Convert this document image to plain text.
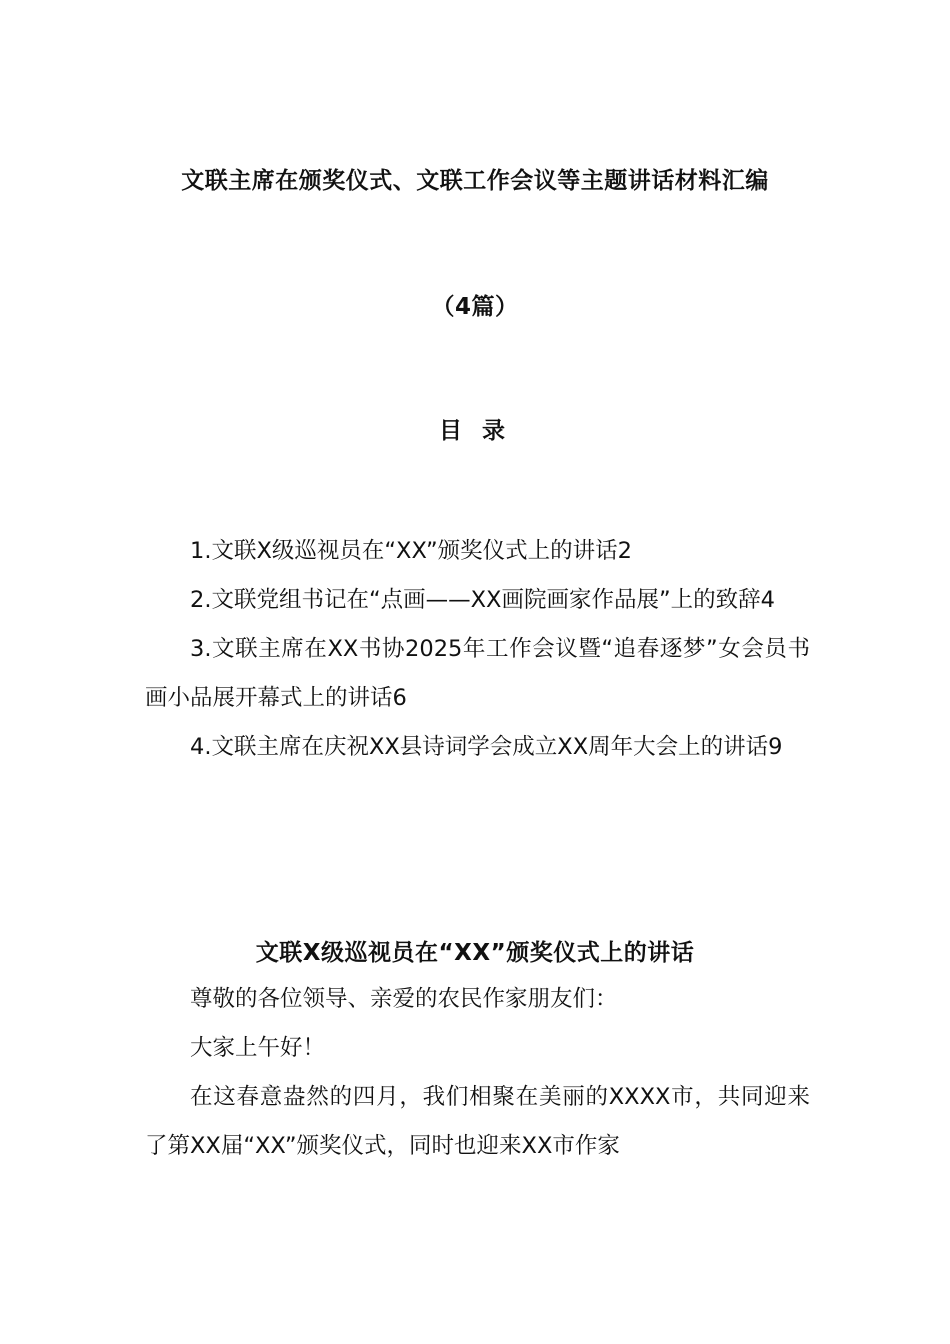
文联主席在颁奖仪式、文联工作会议等主题讲话材料汇编
（4篇）
目 录

1.文联X级巡视员在“XX”颁奖仪式上的讲话2

2.文联党组书记在“点画——XX画院画家作品展”上的致辞4

3.文联主席在XX书协2025年工作会议暨“追春逐梦”女会员书画小品展开幕式上的讲话6

4.文联主席在庆祝XX县诗词学会成立XX周年大会上的讲话9

文联X级巡视员在“XX”颁奖仪式上的讲话

尊敬的各位领导、亲爱的农民作家朋友们：

大家上午好！

在这春意盎然的四月，我们相聚在美丽的XXXX市，共同迎来了第XX届“XX”颁奖仪式，同时也迎来XX市作家
